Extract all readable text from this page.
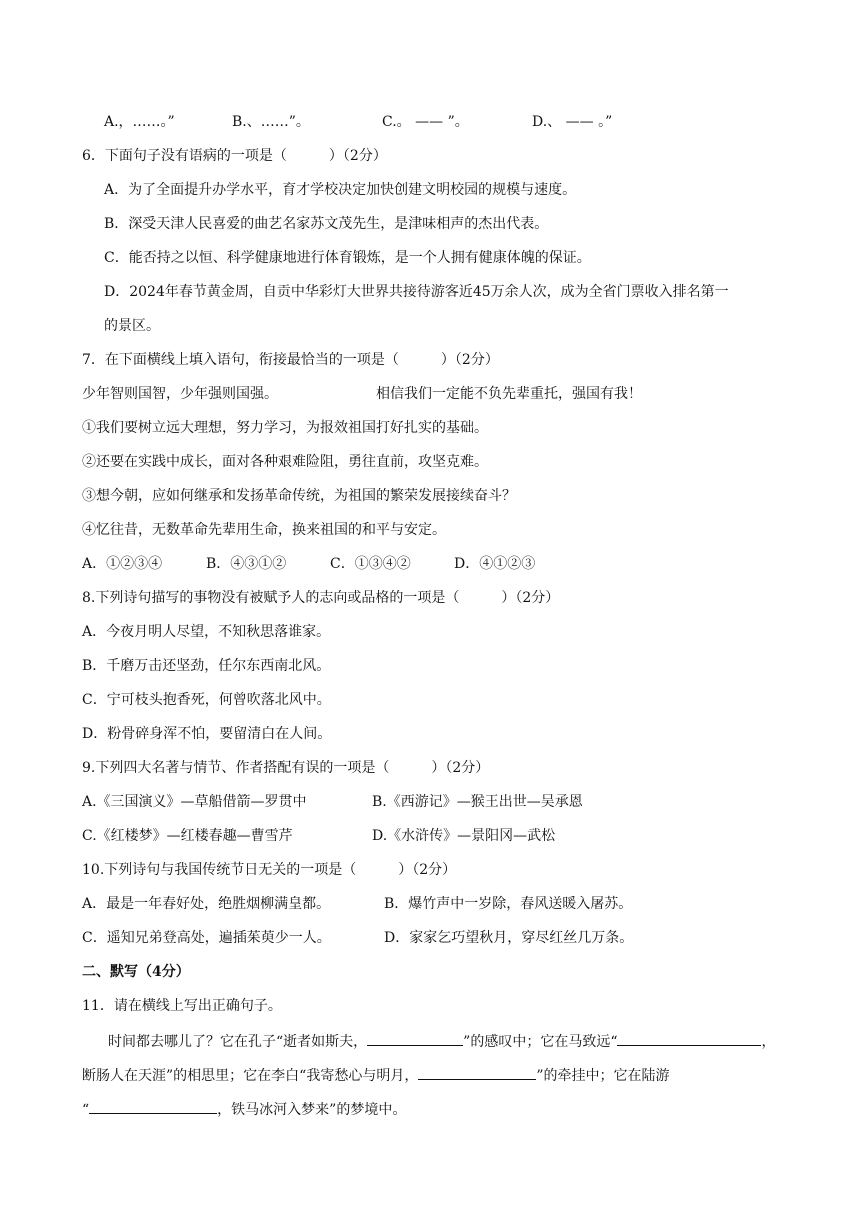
A.，……。”	B.、……”。	C.。 —— ”。	D.、 —— 。”
6．下面句子没有语病的一项是（　　　）（2分）
A．为了全面提升办学水平，育才学校决定加快创建文明校园的规模与速度。
B．深受天津人民喜爱的曲艺名家苏文茂先生，是津味相声的杰出代表。
C．能否持之以恒、科学健康地进行体育锻炼，是一个人拥有健康体魄的保证。
D．2024年春节黄金周，自贡中华彩灯大世界共接待游客近45万余人次，成为全省门票收入排名第一
的景区。
7．在下面横线上填入语句，衔接最恰当的一项是（　　　）（2分）
少年智则国智，少年强则国强。	相信我们一定能不负先辈重托，强国有我！
①我们要树立远大理想，努力学习，为报效祖国打好扎实的基础。
②还要在实践中成长，面对各种艰难险阻，勇往直前，攻坚克难。
③想今朝，应如何继承和发扬革命传统，为祖国的繁荣发展接续奋斗？
④忆往昔，无数革命先辈用生命，换来祖国的和平与安定。
A．①②③④	B．④③①②	C．①③④②	D．④①②③
8.下列诗句描写的事物没有被赋予人的志向或品格的一项是（　　　）（2分）
A．今夜月明人尽望，不知秋思落谁家。
B．千磨万击还坚劲，任尔东西南北风。
C．宁可枝头抱香死，何曾吹落北风中。
D．粉骨碎身浑不怕，要留清白在人间。
9.下列四大名著与情节、作者搭配有误的一项是（　　　）（2分）
A.《三国演义》—草船借箭—罗贯中	B.《西游记》—猴王出世—吴承恩
C.《红楼梦》—红楼春趣—曹雪芹	D.《水浒传》—景阳冈—武松
10.下列诗句与我国传统节日无关的一项是（　　　）（2分）
A．最是一年春好处，绝胜烟柳满皇都。	B．爆竹声中一岁除，春风送暖入屠苏。
C．遥知兄弟登高处，遍插茱萸少一人。	D．家家乞巧望秋月，穿尽红丝几万条。
二、默写（4分）
11．请在横线上写出正确句子。
时间都去哪儿了？它在孔子“逝者如斯夫，	”的感叹中；它在马致远“	，
断肠人在天涯”的相思里；它在李白“我寄愁心与明月，	”的牵挂中；它在陆游
“	，铁马冰河入梦来”的梦境中。
